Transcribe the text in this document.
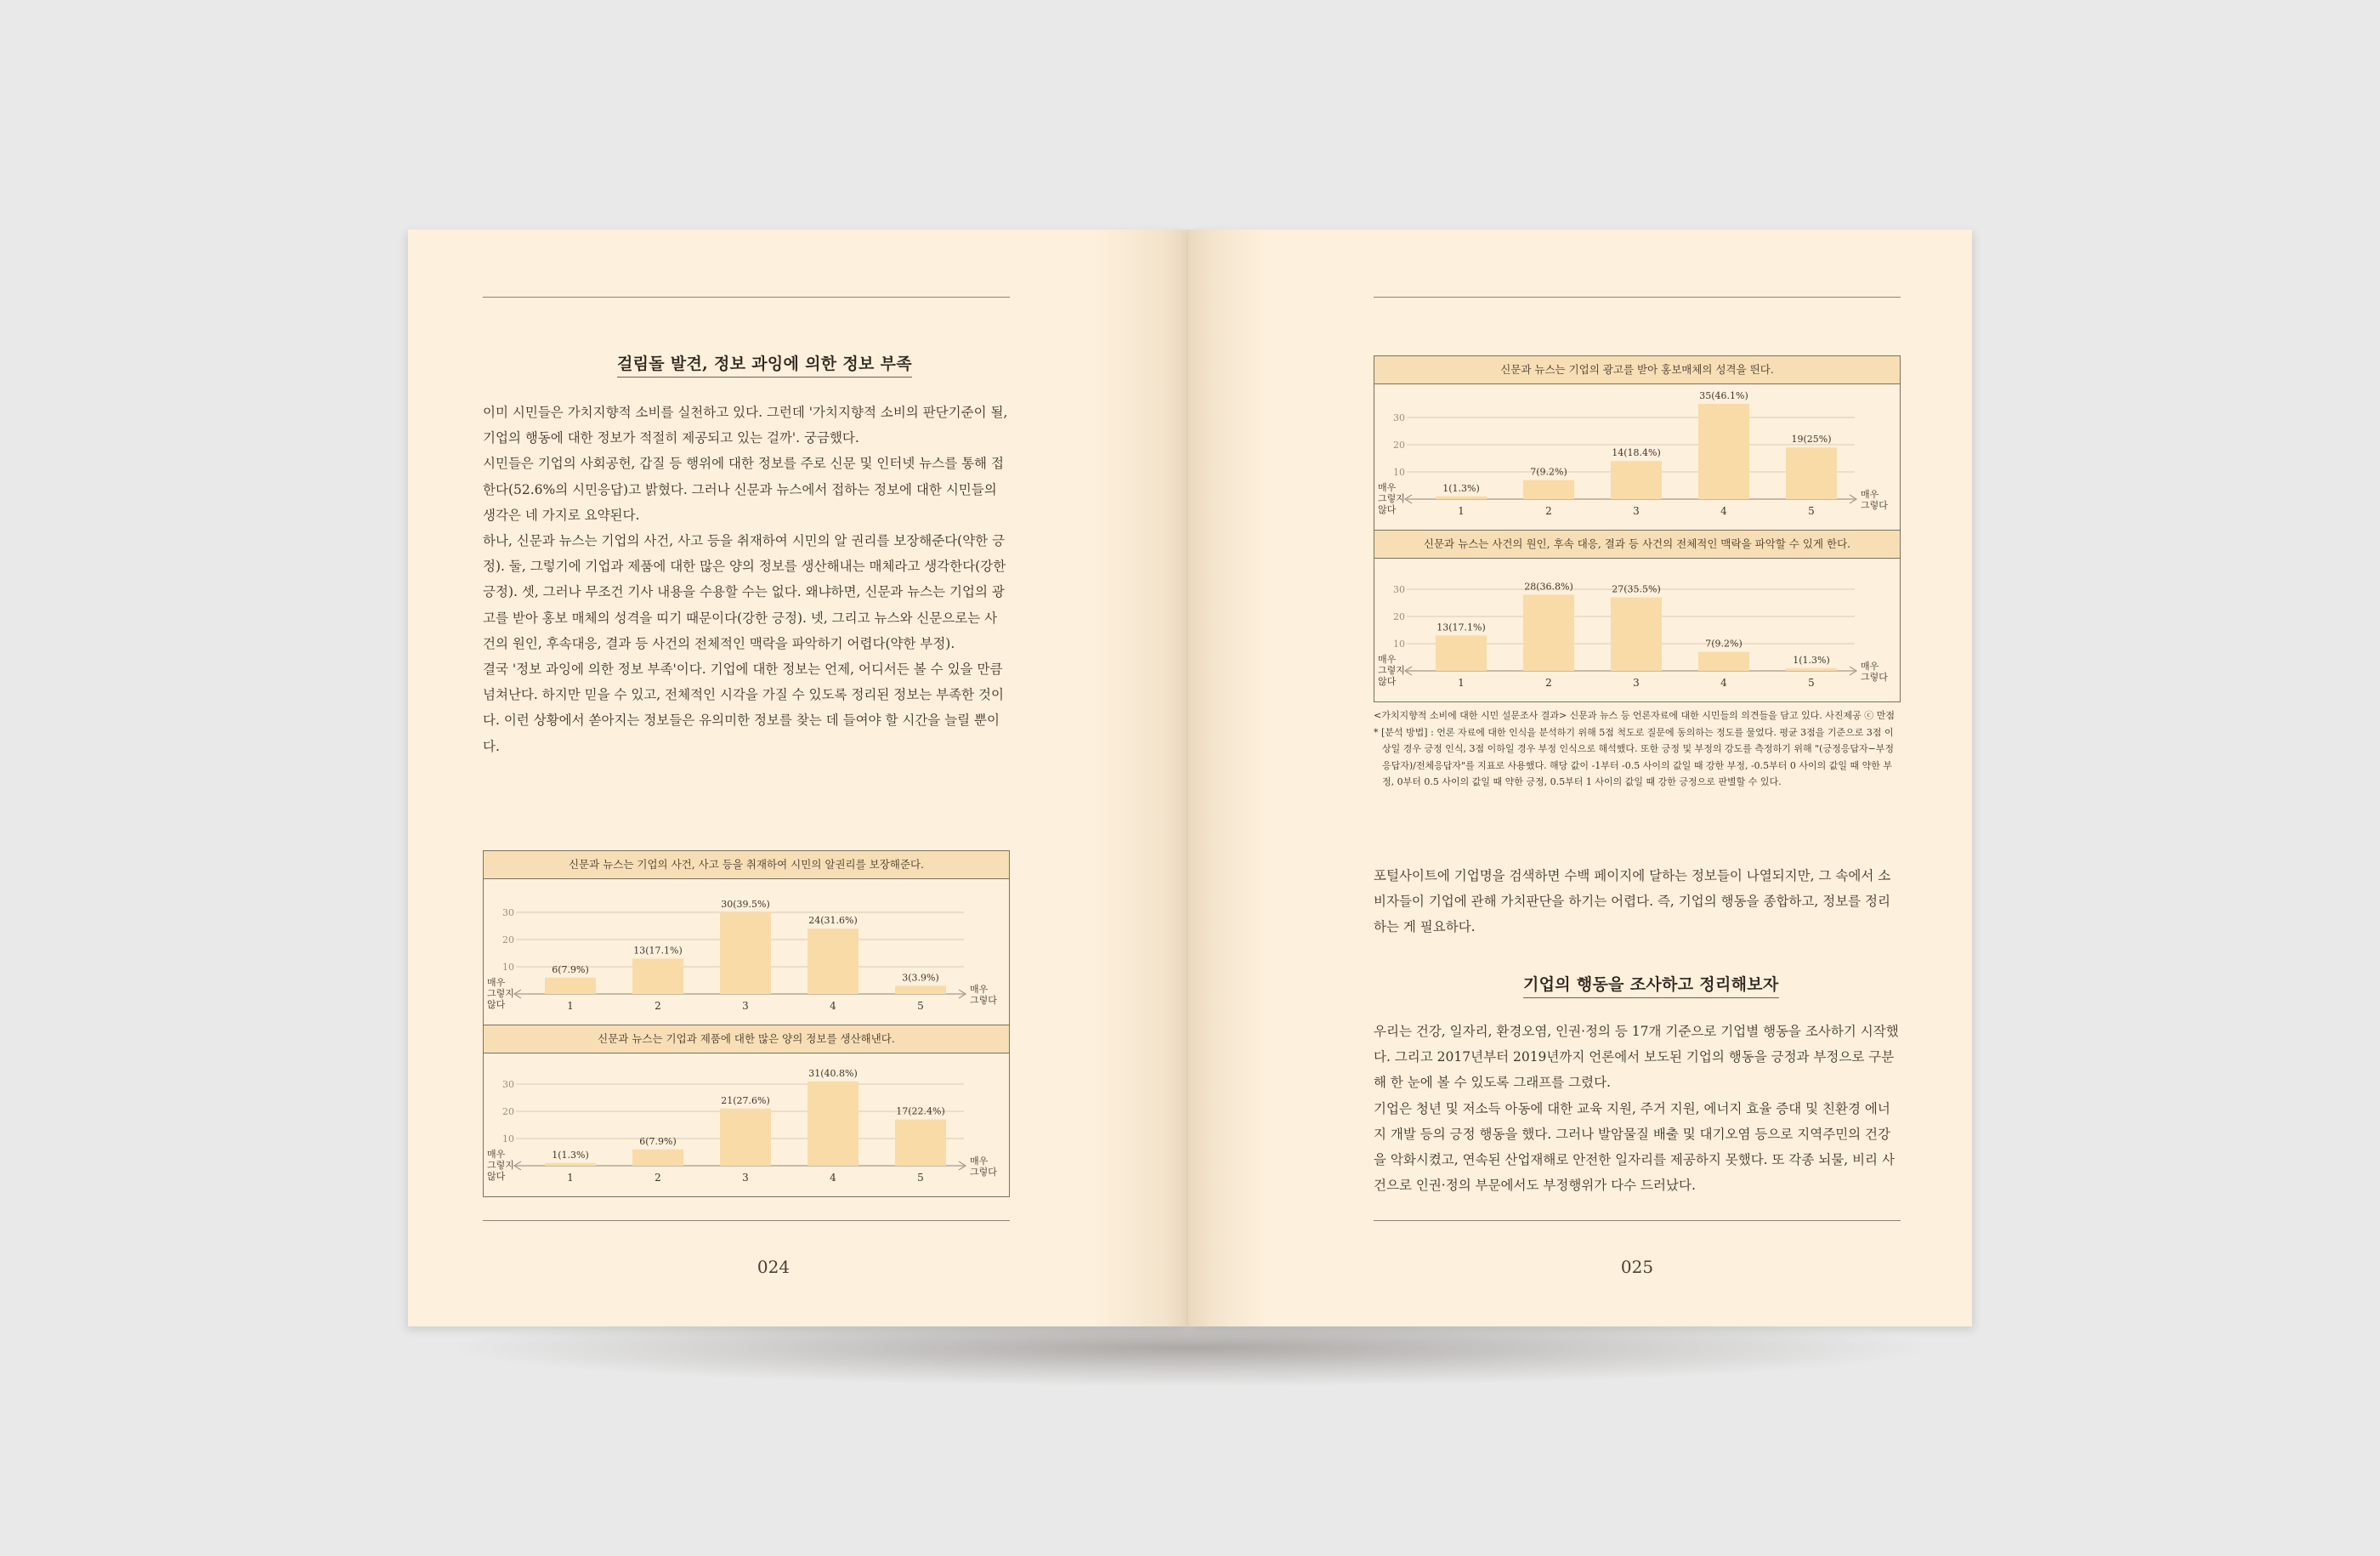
걸림돌 발견, 정보 과잉에 의한 정보 부족

이미 시민들은 가치지향적 소비를 실천하고 있다. 그런데 '가치지향적 소비의 판단기준이 될, 기업의 행동에 대한 정보가 적절히 제공되고 있는 걸까'. 궁금했다.

시민들은 기업의 사회공헌, 갑질 등 행위에 대한 정보를 주로 신문 및 인터넷 뉴스를 통해 접한다(52.6%의 시민응답)고 밝혔다. 그러나 신문과 뉴스에서 접하는 정보에 대한 시민들의 생각은 네 가지로 요약된다.

하나, 신문과 뉴스는 기업의 사건, 사고 등을 취재하여 시민의 알 권리를 보장해준다(약한 긍정). 둘, 그렇기에 기업과 제품에 대한 많은 양의 정보를 생산해내는 매체라고 생각한다(강한 긍정). 셋, 그러나 무조건 기사 내용을 수용할 수는 없다. 왜냐하면, 신문과 뉴스는 기업의 광고를 받아 홍보 매체의 성격을 띠기 때문이다(강한 긍정). 넷, 그리고 뉴스와 신문으로는 사건의 원인, 후속대응, 결과 등 사건의 전체적인 맥락을 파악하기 어렵다(약한 부정).

결국 '정보 과잉에 의한 정보 부족'이다. 기업에 대한 정보는 언제, 어디서든 볼 수 있을 만큼 넘쳐난다. 하지만 믿을 수 있고, 전체적인 시각을 가질 수 있도록 정리된 정보는 부족한 것이다. 이런 상황에서 쏟아지는 정보들은 유의미한 정보를 찾는 데 들여야 할 시간을 늘릴 뿐이다.

신문과 뉴스는 기업의 사건, 사고 등을 취재하여 시민의 알권리를 보장해준다.
10
20
30
6(7.9%)
1
13(17.1%)
2
30(39.5%)
3
24(31.6%)
4
3(3.9%)
5
매우
그렇지
않다
매우
그렇다
신문과 뉴스는 기업과 제품에 대한 많은 양의 정보를 생산해낸다.
10
20
30
1(1.3%)
1
6(7.9%)
2
21(27.6%)
3
31(40.8%)
4
17(22.4%)
5
매우
그렇지
않다
매우
그렇다
024
신문과 뉴스는 기업의 광고를 받아 홍보매체의 성격을 띈다.
10
20
30
1(1.3%)
1
7(9.2%)
2
14(18.4%)
3
35(46.1%)
4
19(25%)
5
매우
그렇지
않다
매우
그렇다
신문과 뉴스는 사건의 원인, 후속 대응, 결과 등 사건의 전체적인 맥락을 파악할 수 있게 한다.
10
20
30
13(17.1%)
1
28(36.8%)
2
27(35.5%)
3
7(9.2%)
4
1(1.3%)
5
매우
그렇지
않다
매우
그렇다

<가치지향적 소비에 대한 시민 설문조사 결과> 신문과 뉴스 등 언론자료에 대한 시민들의 의견들을 담고 있다. 사진제공 ⓒ 만점

* [분석 방법] : 언론 자료에 대한 인식을 분석하기 위해 5점 척도로 질문에 동의하는 정도를 물었다. 평균 3점을 기준으로 3점 이상일 경우 긍정 인식, 3점 이하일 경우 부정 인식으로 해석했다. 또한 긍정 및 부정의 강도를 측정하기 위해 "(긍정응답자−부정응답자)/전체응답자"를 지표로 사용했다. 해당 값이 -1부터 -0.5 사이의 값일 때 강한 부정, -0.5부터 0 사이의 값일 때 약한 부정, 0부터 0.5 사이의 값일 때 약한 긍정, 0.5부터 1 사이의 값일 때 강한 긍정으로 판별할 수 있다.

포털사이트에 기업명을 검색하면 수백 페이지에 달하는 정보들이 나열되지만, 그 속에서 소비자들이 기업에 관해 가치판단을 하기는 어렵다. 즉, 기업의 행동을 종합하고, 정보를 정리하는 게 필요하다.

기업의 행동을 조사하고 정리해보자

우리는 건강, 일자리, 환경오염, 인권·정의 등 17개 기준으로 기업별 행동을 조사하기 시작했다. 그리고 2017년부터 2019년까지 언론에서 보도된 기업의 행동을 긍정과 부정으로 구분해 한 눈에 볼 수 있도록 그래프를 그렸다.

기업은 청년 및 저소득 아동에 대한 교육 지원, 주거 지원, 에너지 효율 증대 및 친환경 에너지 개발 등의 긍정 행동을 했다. 그러나 발암물질 배출 및 대기오염 등으로 지역주민의 건강을 악화시켰고, 연속된 산업재해로 안전한 일자리를 제공하지 못했다. 또 각종 뇌물, 비리 사건으로 인권·정의 부문에서도 부정행위가 다수 드러났다.

025
